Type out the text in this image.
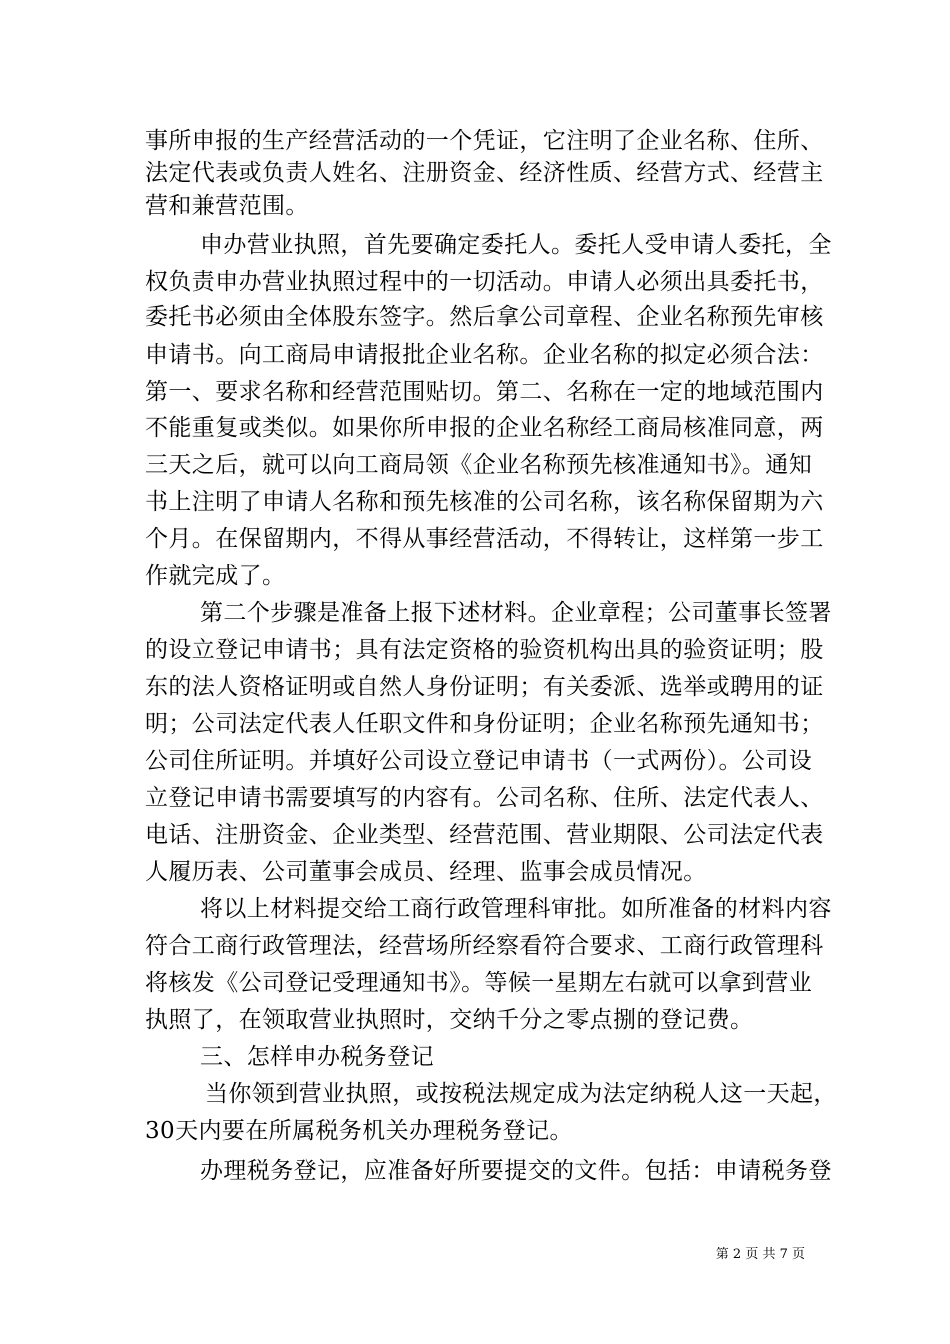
事所申报的生产经营活动的一个凭证，它注明了企业名称、住所、
法定代表或负责人姓名、注册资金、经济性质、经营方式、经营主
营和兼营范围。
申办营业执照，首先要确定委托人。委托人受申请人委托，全
权负责申办营业执照过程中的一切活动。申请人必须出具委托书，
委托书必须由全体股东签字。然后拿公司章程、企业名称预先审核
申请书。向工商局申请报批企业名称。企业名称的拟定必须合法：
第一、要求名称和经营范围贴切。第二、名称在一定的地域范围内
不能重复或类似。如果你所申报的企业名称经工商局核准同意，两
三天之后，就可以向工商局领《企业名称预先核准通知书》。通知
书上注明了申请人名称和预先核准的公司名称，该名称保留期为六
个月。在保留期内，不得从事经营活动，不得转让，这样第一步工
作就完成了。
第二个步骤是准备上报下述材料。企业章程；公司董事长签署
的设立登记申请书；具有法定资格的验资机构出具的验资证明；股
东的法人资格证明或自然人身份证明；有关委派、选举或聘用的证
明；公司法定代表人任职文件和身份证明；企业名称预先通知书；
公司住所证明。并填好公司设立登记申请书（一式两份）。公司设
立登记申请书需要填写的内容有。公司名称、住所、法定代表人、
电话、注册资金、企业类型、经营范围、营业期限、公司法定代表
人履历表、公司董事会成员、经理、监事会成员情况。
将以上材料提交给工商行政管理科审批。如所准备的材料内容
符合工商行政管理法，经营场所经察看符合要求、工商行政管理科
将核发《公司登记受理通知书》。等候一星期左右就可以拿到营业
执照了，在领取营业执照时，交纳千分之零点捌的登记费。
三、怎样申办税务登记
当你领到营业执照，或按税法规定成为法定纳税人这一天起，
30天内要在所属税务机关办理税务登记。
办理税务登记，应准备好所要提交的文件。包括：申请税务登
第 2 页 共 7 页
